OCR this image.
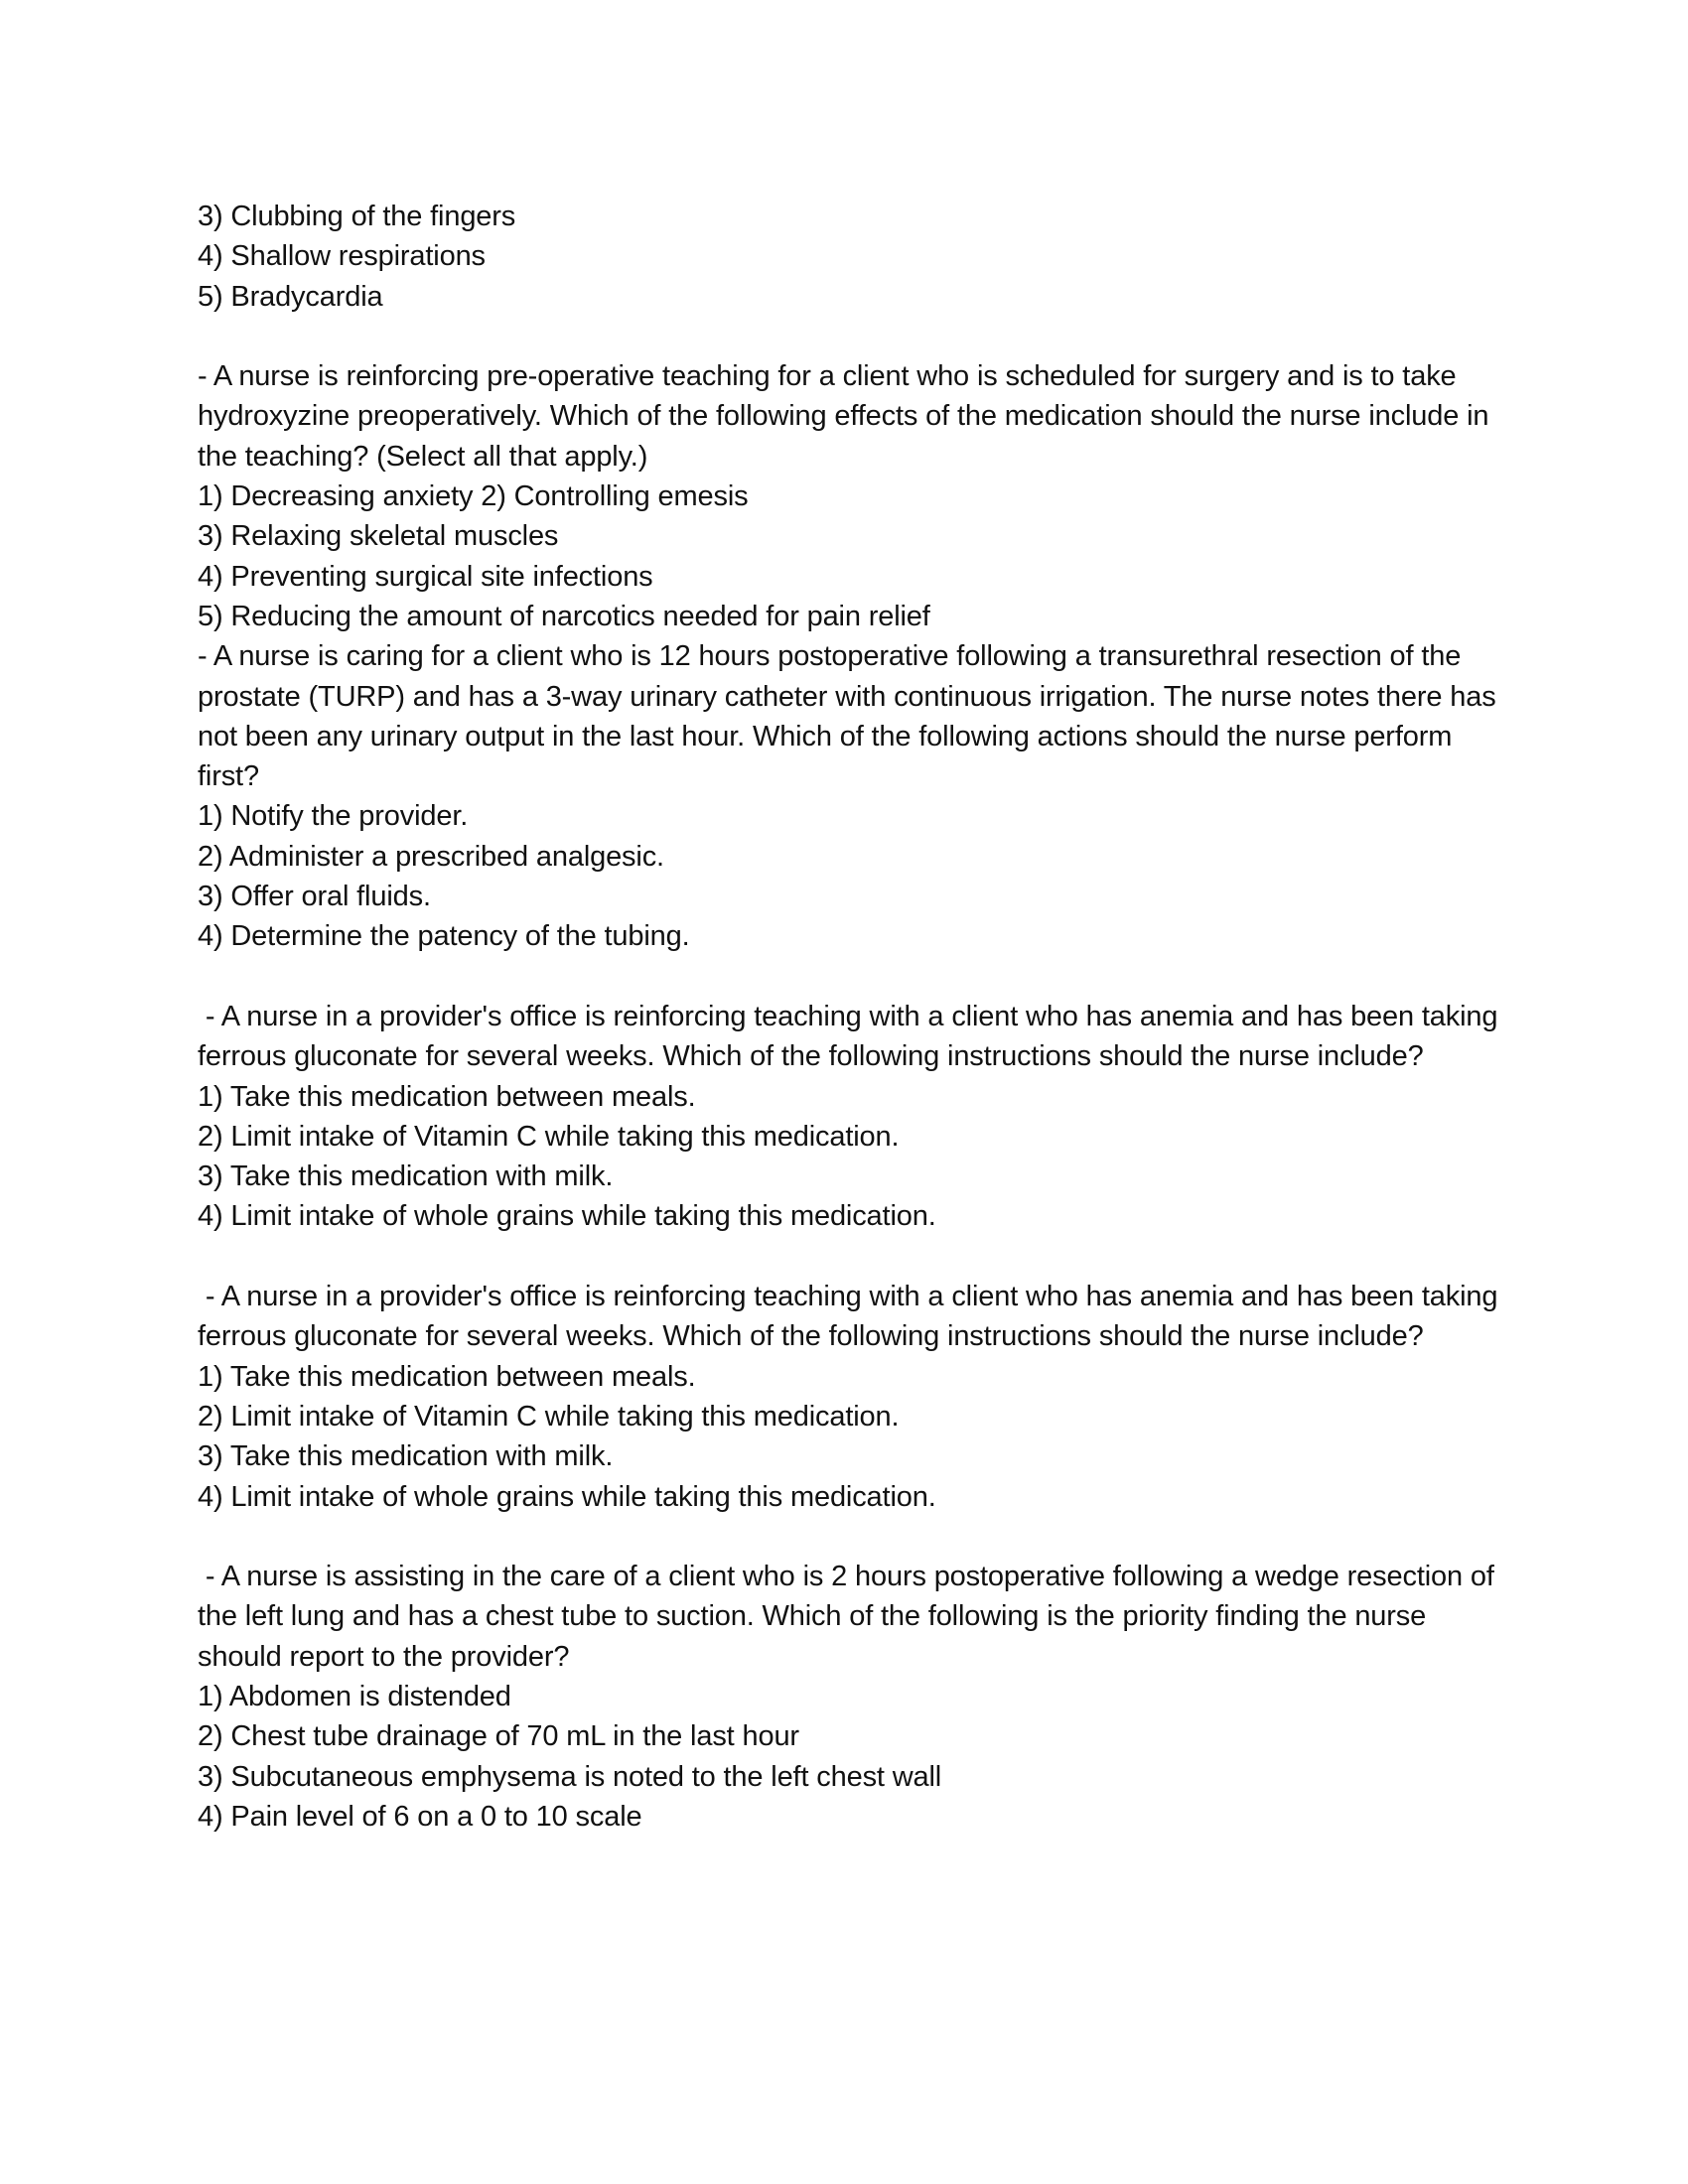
3) Clubbing of the fingers
4) Shallow respirations
5) Bradycardia
- A nurse is reinforcing pre-operative teaching for a client who is scheduled for surgery and is to take
hydroxyzine preoperatively. Which of the following effects of the medication should the nurse include in
the teaching? (Select all that apply.)
1) Decreasing anxiety 2) Controlling emesis
3) Relaxing skeletal muscles
4) Preventing surgical site infections
5) Reducing the amount of narcotics needed for pain relief
- A nurse is caring for a client who is 12 hours postoperative following a transurethral resection of the
prostate (TURP) and has a 3-way urinary catheter with continuous irrigation. The nurse notes there has
not been any urinary output in the last hour. Which of the following actions should the nurse perform
first?
1) Notify the provider.
2) Administer a prescribed analgesic.
3) Offer oral fluids.
4) Determine the patency of the tubing.
- A nurse in a provider's office is reinforcing teaching with a client who has anemia and has been taking
ferrous gluconate for several weeks. Which of the following instructions should the nurse include?
1) Take this medication between meals.
2) Limit intake of Vitamin C while taking this medication.
3) Take this medication with milk.
4) Limit intake of whole grains while taking this medication.
- A nurse in a provider's office is reinforcing teaching with a client who has anemia and has been taking
ferrous gluconate for several weeks. Which of the following instructions should the nurse include?
1) Take this medication between meals.
2) Limit intake of Vitamin C while taking this medication.
3) Take this medication with milk.
4) Limit intake of whole grains while taking this medication.
- A nurse is assisting in the care of a client who is 2 hours postoperative following a wedge resection of
the left lung and has a chest tube to suction. Which of the following is the priority finding the nurse
should report to the provider?
1) Abdomen is distended
2) Chest tube drainage of 70 mL in the last hour
3) Subcutaneous emphysema is noted to the left chest wall
4) Pain level of 6 on a 0 to 10 scale
